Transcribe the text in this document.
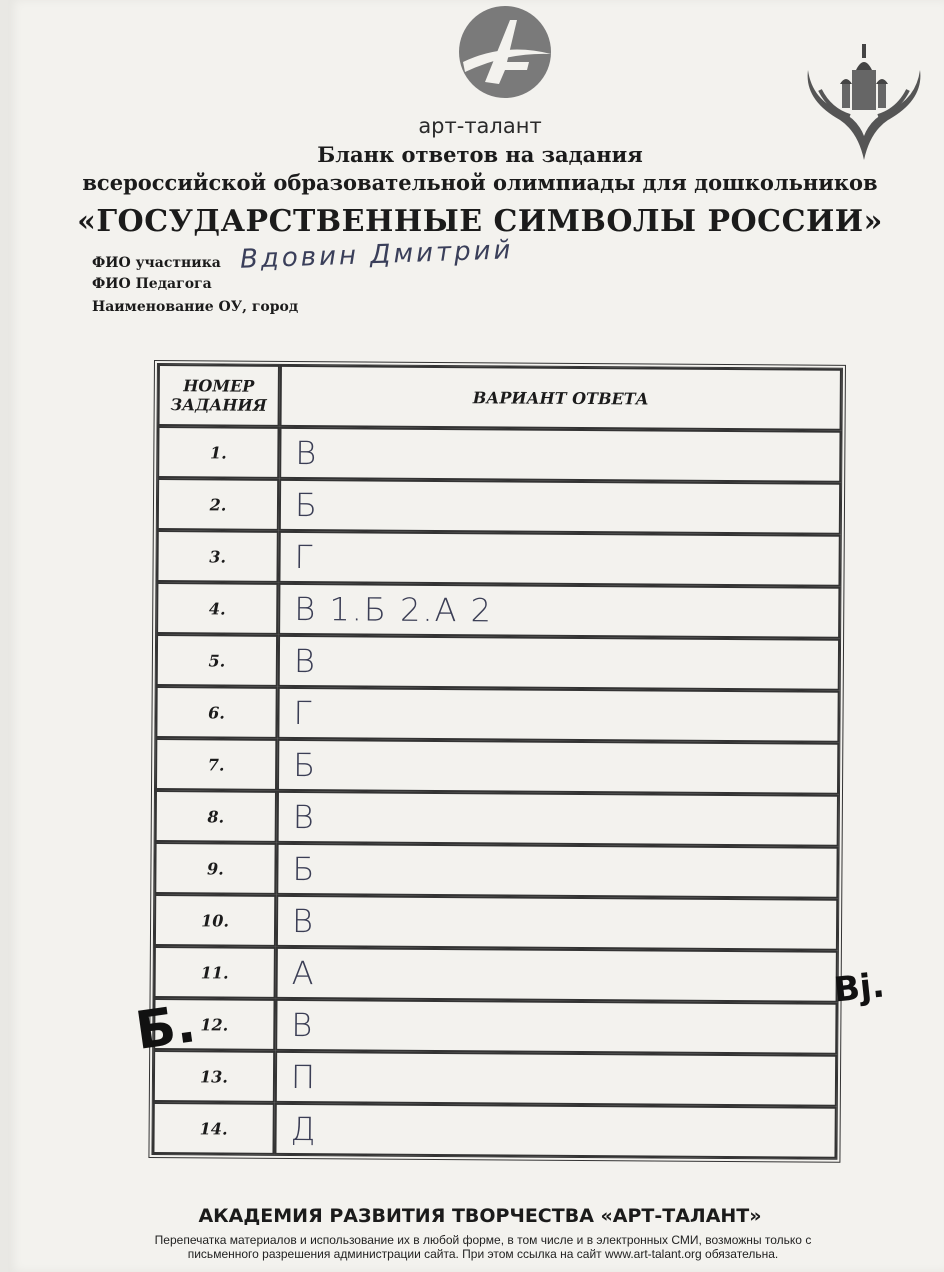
арт-талант
Бланк ответов на задания
всероссийской образовательной олимпиады для дошкольников
«ГОСУДАРСТВЕННЫЕ СИМВОЛЫ РОССИИ»
ФИО участника Вдовин Дмитрий
ФИО Педагога
Наименование ОУ, город
НОМЕР ЗАДАНИЯ	ВАРИАНТ ОТВЕТА
1.	В
2.	Б
3.	Г
4.	В 1.Б 2.А 2
5.	В
6.	Г
7.	Б
8.	В
9.	Б
10.	В
11.	А
12.	В
13.	П
14.	Д
Б.
Bj.
АКАДЕМИЯ РАЗВИТИЯ ТВОРЧЕСТВА «АРТ-ТАЛАНТ»
Перепечатка материалов и использование их в любой форме, в том числе и в электронных СМИ, возможны только с письменного разрешения администрации сайта. При этом ссылка на сайт www.art-talant.org обязательна.
